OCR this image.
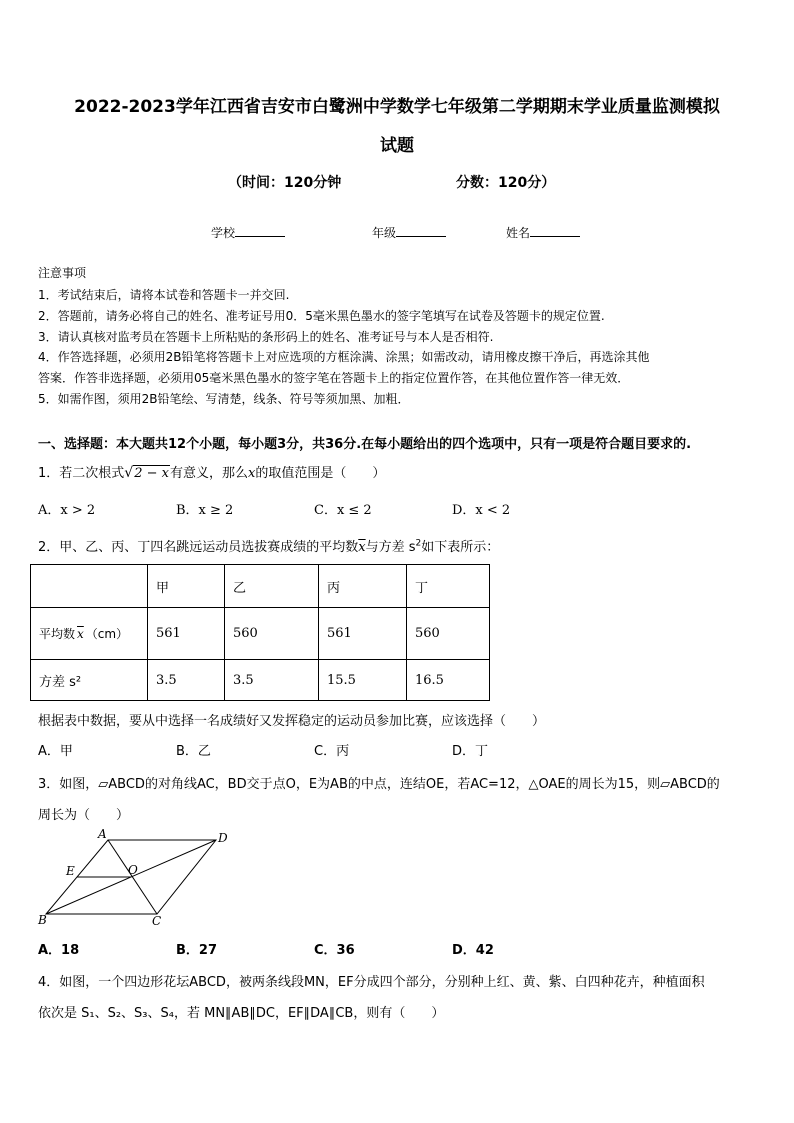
2022-2023学年江西省吉安市白鹭洲中学数学七年级第二学期期末学业质量监测模拟
试题
（时间：120分钟	分数：120分）
学校	年级	姓名
注意事项
1．考试结束后，请将本试卷和答题卡一并交回.
2．答题前，请务必将自己的姓名、准考证号用0．5毫米黑色墨水的签字笔填写在试卷及答题卡的规定位置.
3．请认真核对监考员在答题卡上所粘贴的条形码上的姓名、准考证号与本人是否相符.
4．作答选择题，必须用2B铅笔将答题卡上对应选项的方框涂满、涂黑；如需改动，请用橡皮擦干净后，再选涂其他
答案．作答非选择题，必须用05毫米黑色墨水的签字笔在答题卡上的指定位置作答，在其他位置作答一律无效．
5．如需作图，须用2B铅笔绘、写清楚，线条、符号等须加黑、加粗．
一、选择题：本大题共12个小题，每小题3分，共36分.在每小题给出的四个选项中，只有一项是符合题目要求的.
1．若二次根式√2 − x有意义，那么x的取值范围是（　　）
A．x > 2	B．x ≥ 2	C．x ≤ 2	D．x < 2
2．甲、乙、丙、丁四名跳远运动员选拔赛成绩的平均数$\overline{x}$与方差 $s^2$如下表所示：
	甲	乙	丙	丁
平均数 $\overline{x}$ （cm）	561	560	561	560
方差 s²	3.5	3.5	15.5	16.5
根据表中数据，要从中选择一名成绩好又发挥稳定的运动员参加比赛，应该选择（　　）
A．甲	B．乙	C．丙	D．丁
3．如图，▱ABCD的对角线AC，BD交于点O，E为AB的中点，连结OE，若AC=12，△OAE的周长为15，则▱ABCD的
周长为（　　）
A	D
E	O
B	C
A．18	B．27	C．36	D．42
4．如图，一个四边形花坛ABCD，被两条线段MN，EF分成四个部分，分别种上红、黄、紫、白四种花卉，种植面积
依次是 S₁、S₂、S₃、S₄，若 MN∥AB∥DC，EF∥DA∥CB，则有（　　）
